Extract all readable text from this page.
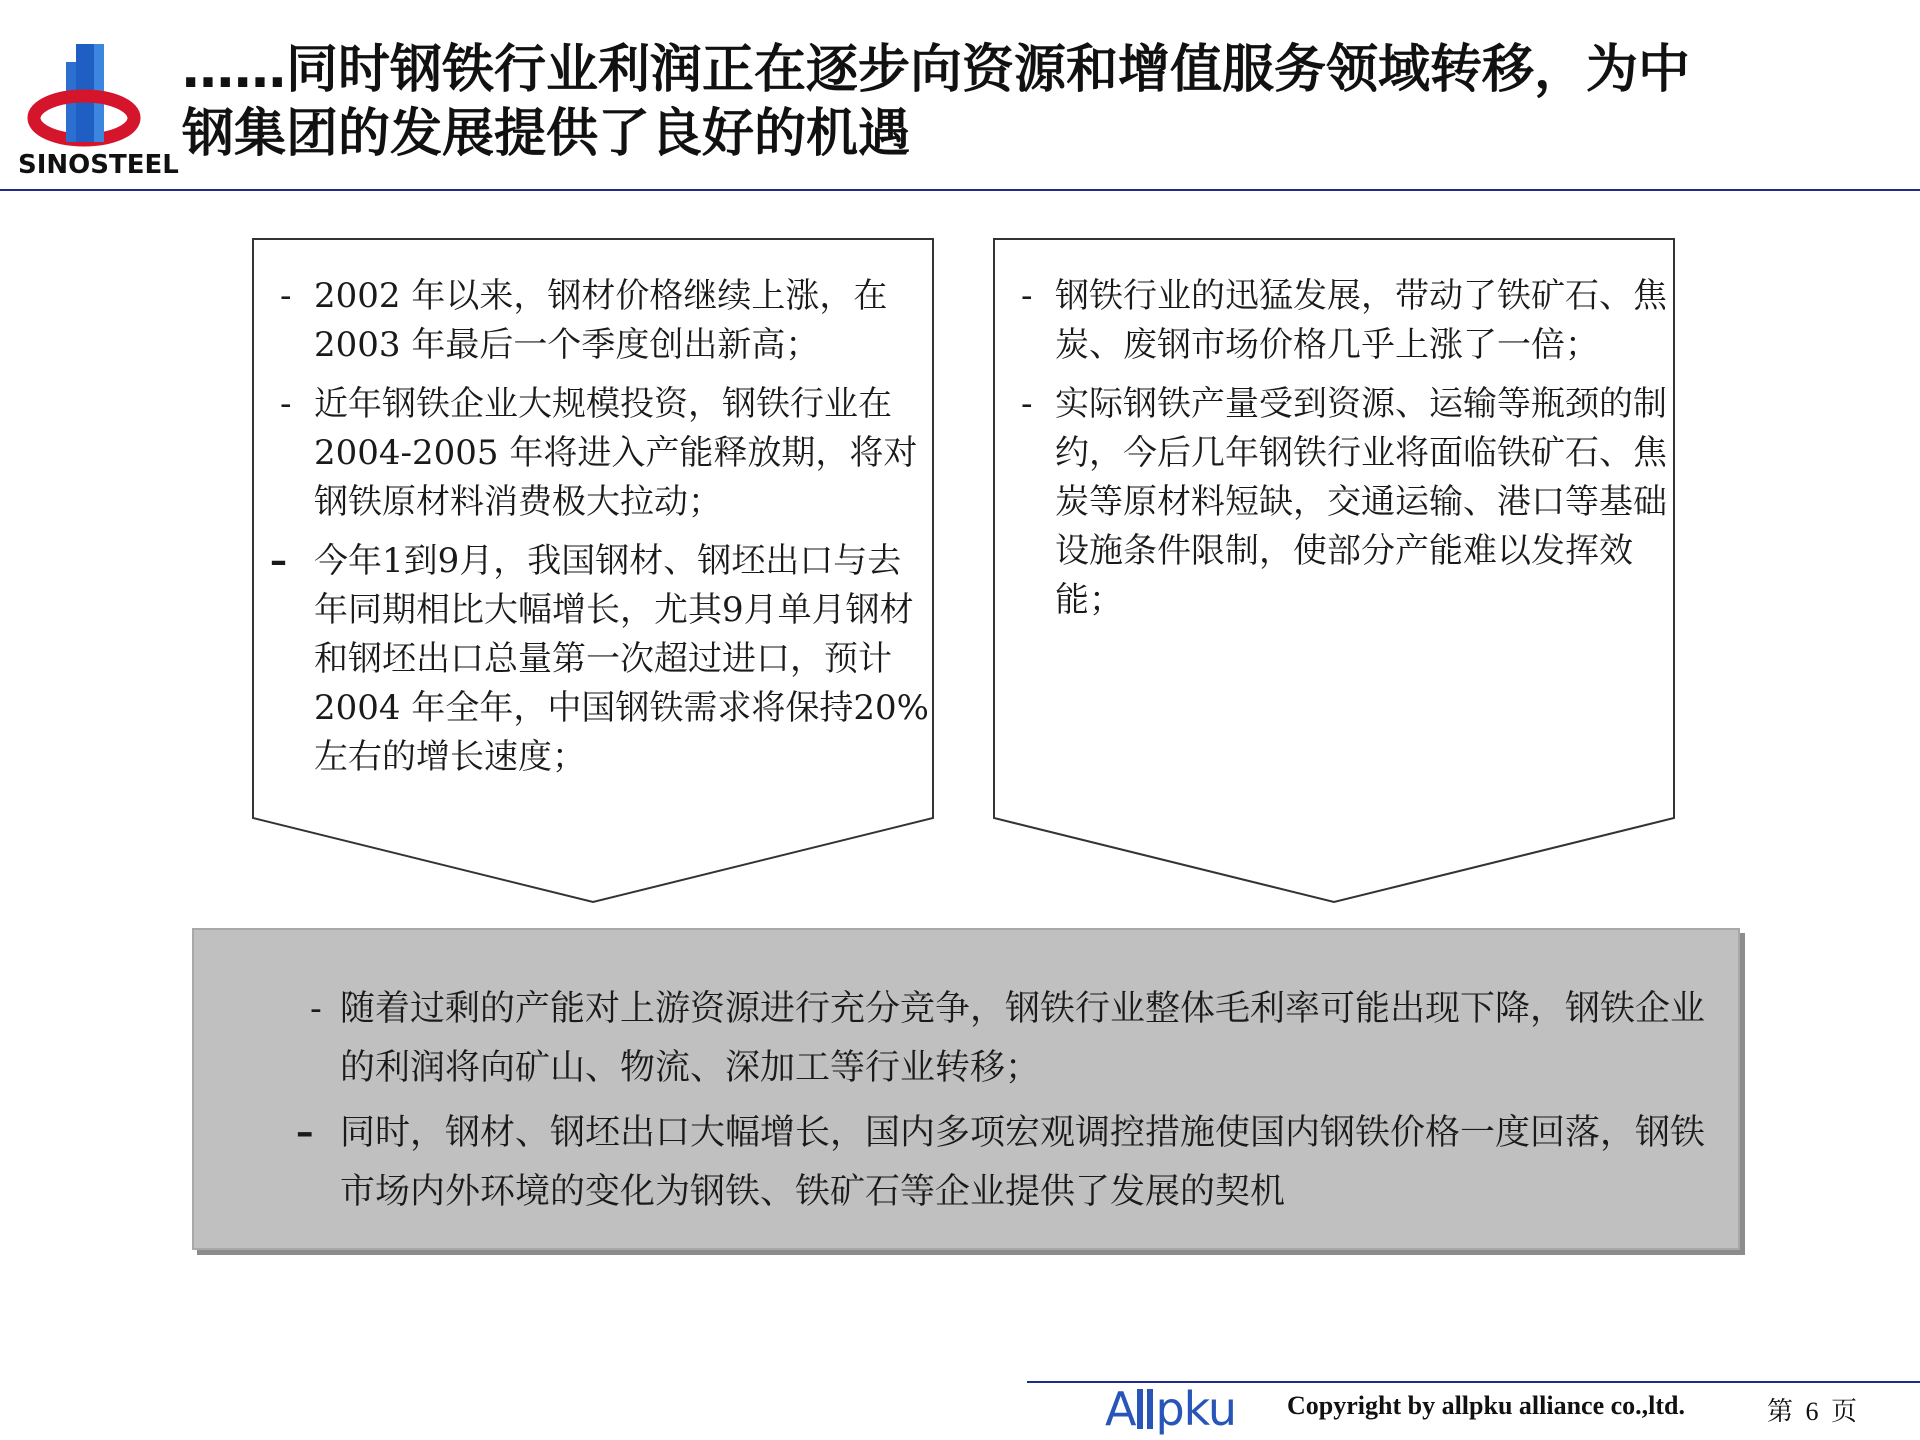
SINOSTEEL
……同时钢铁行业利润正在逐步向资源和增值服务领域转移，为中
钢集团的发展提供了良好的机遇
- 2002 年以来，钢材价格继续上涨，在2003 年最后一个季度创出新高；
- 近年钢铁企业大规模投资，钢铁行业在2004-2005 年将进入产能释放期，将对钢铁原材料消费极大拉动；
– 今年1到9月，我国钢材、钢坯出口与去年同期相比大幅增长，尤其9月单月钢材和钢坯出口总量第一次超过进口，预计2004 年全年，中国钢铁需求将保持20%左右的增长速度；
- 钢铁行业的迅猛发展，带动了铁矿石、焦炭、废钢市场价格几乎上涨了一倍；
- 实际钢铁产量受到资源、运输等瓶颈的制约，今后几年钢铁行业将面临铁矿石、焦炭等原材料短缺，交通运输、港口等基础设施条件限制，使部分产能难以发挥效能；
- 随着过剩的产能对上游资源进行充分竞争，钢铁行业整体毛利率可能出现下降，钢铁企业的利润将向矿山、物流、深加工等行业转移；
– 同时，钢材、钢坯出口大幅增长，国内多项宏观调控措施使国内钢铁价格一度回落，钢铁市场内外环境的变化为钢铁、铁矿石等企业提供了发展的契机
A pku Copyright by allpku alliance co.,ltd.	第 6 页
